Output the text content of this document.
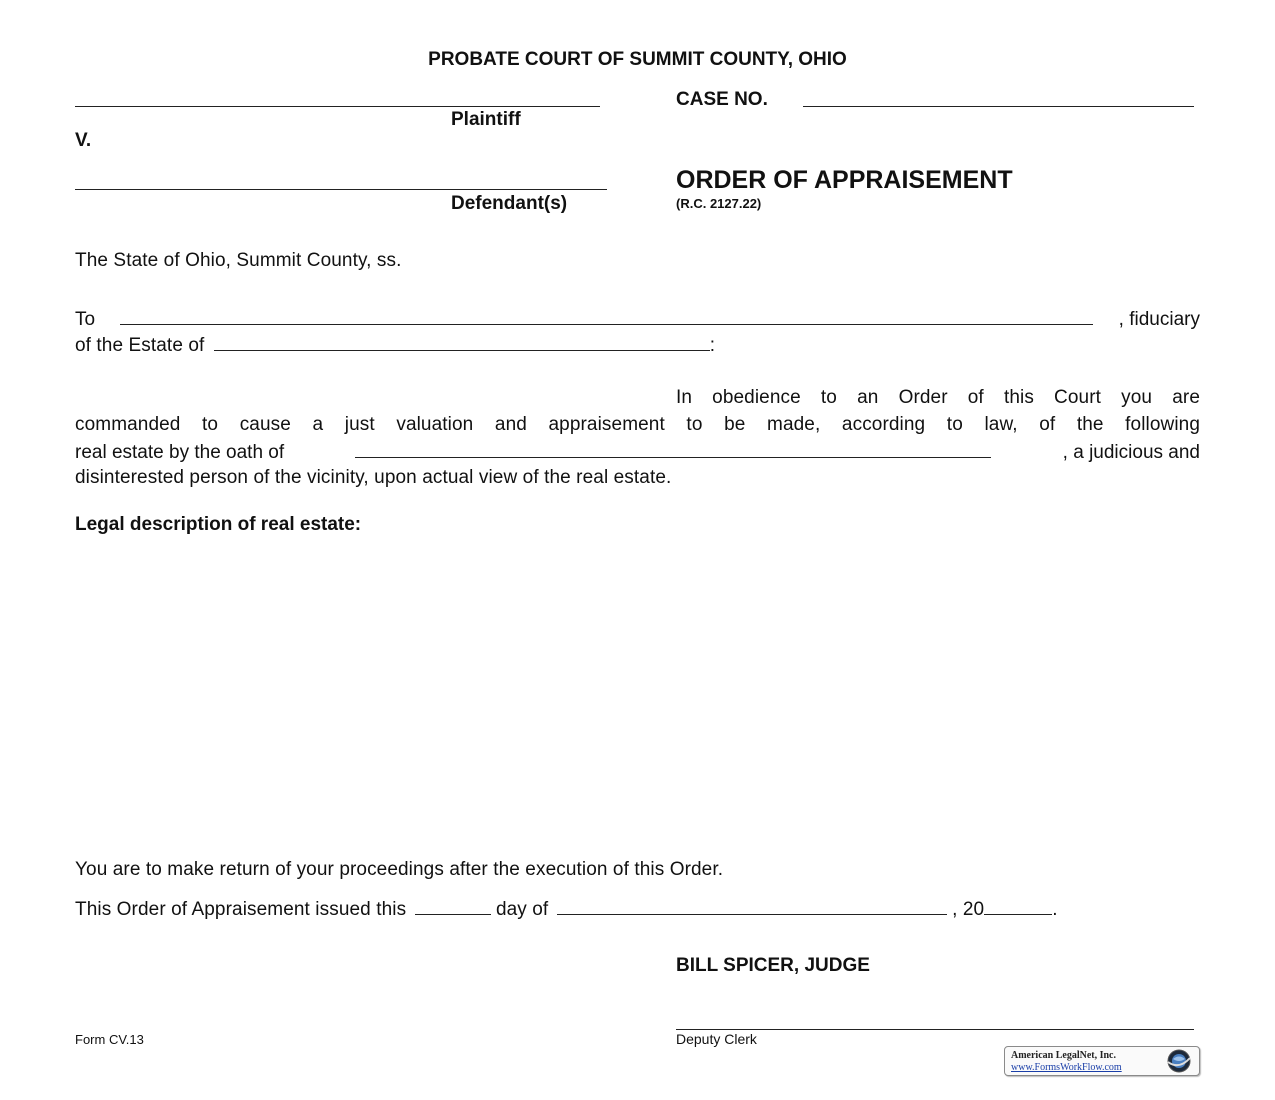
PROBATE COURT OF SUMMIT COUNTY, OHIO
Plaintiff
V.
Defendant(s)
CASE NO.
ORDER OF APPRAISEMENT
(R.C. 2127.22)
The State of Ohio, Summit County, ss.
To	, fiduciary
of the Estate of	:
In obedience to an Order of this Court you are
commanded to cause a just valuation and appraisement to be made, according to law, of the following
real estate by the oath of	, a judicious and
disinterested person of the vicinity, upon actual view of the real estate.
Legal description of real estate:
You are to make return of your proceedings after the execution of this Order.
This Order of Appraisement issued this	day of	, 20	.
BILL SPICER, JUDGE
Deputy Clerk
Form CV.13
American LegalNet, Inc.
www.FormsWorkFlow.com
